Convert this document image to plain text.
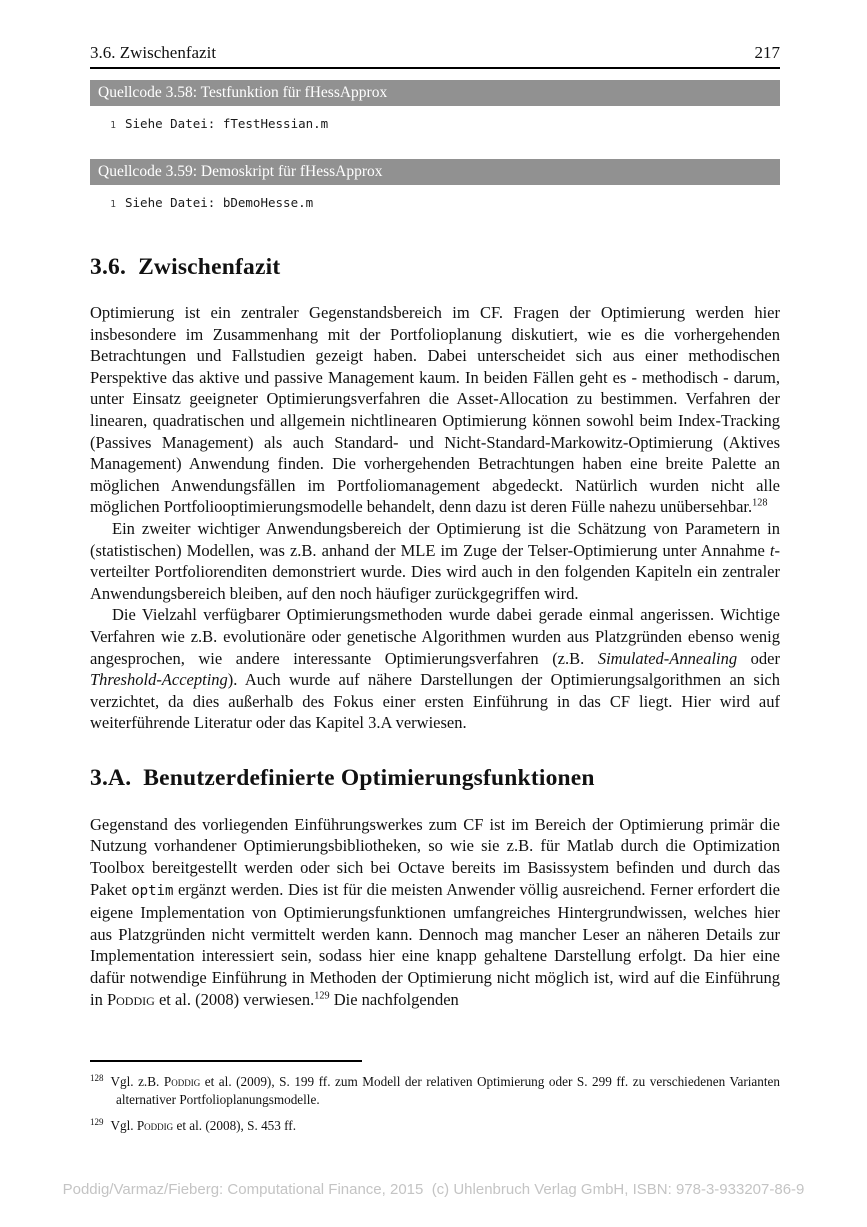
3.6. Zwischenfazit	217
Quellcode 3.58: Testfunktion für fHessApprox
1 Siehe Datei: fTestHessian.m
Quellcode 3.59: Demoskript für fHessApprox
1 Siehe Datei: bDemoHesse.m
3.6. Zwischenfazit

Optimierung ist ein zentraler Gegenstandsbereich im CF. Fragen der Optimierung werden hier insbesondere im Zusammenhang mit der Portfolioplanung diskutiert, wie es die vorhergehenden Betrachtungen und Fallstudien gezeigt haben. Dabei unterscheidet sich aus einer methodischen Perspektive das aktive und passive Management kaum. In beiden Fällen geht es - methodisch - darum, unter Einsatz geeigneter Optimierungsverfahren die Asset-Allocation zu bestimmen. Verfahren der linearen, quadratischen und allgemein nichtlinearen Optimierung können sowohl beim Index-Tracking (Passives Management) als auch Standard- und Nicht-Standard-Markowitz-Optimierung (Aktives Management) Anwendung finden. Die vorhergehenden Betrachtungen haben eine breite Palette an möglichen Anwendungsfällen im Portfoliomanagement abgedeckt. Natürlich wurden nicht alle möglichen Portfoliooptimierungsmodelle behandelt, denn dazu ist deren Fülle nahezu unübersehbar.$^{128}$

Ein zweiter wichtiger Anwendungsbereich der Optimierung ist die Schätzung von Parametern in (statistischen) Modellen, was z.B. anhand der MLE im Zuge der Telser-Optimierung unter Annahme t-verteilter Portfoliorenditen demonstriert wurde. Dies wird auch in den folgenden Kapiteln ein zentraler Anwendungsbereich bleiben, auf den noch häufiger zurückgegriffen wird.

Die Vielzahl verfügbarer Optimierungsmethoden wurde dabei gerade einmal angerissen. Wichtige Verfahren wie z.B. evolutionäre oder genetische Algorithmen wurden aus Platzgründen ebenso wenig angesprochen, wie andere interessante Optimierungsverfahren (z.B. Simulated-Annealing oder Threshold-Accepting). Auch wurde auf nähere Darstellungen der Optimierungsalgorithmen an sich verzichtet, da dies außerhalb des Fokus einer ersten Einführung in das CF liegt. Hier wird auf weiterführende Literatur oder das Kapitel 3.A verwiesen.

3.A. Benutzerdefinierte Optimierungsfunktionen

Gegenstand des vorliegenden Einführungswerkes zum CF ist im Bereich der Optimierung primär die Nutzung vorhandener Optimierungsbibliotheken, so wie sie z.B. für Matlab durch die Optimization Toolbox bereitgestellt werden oder sich bei Octave bereits im Basissystem befinden und durch das Paket optim ergänzt werden. Dies ist für die meisten Anwender völlig ausreichend. Ferner erfordert die eigene Implementation von Optimierungsfunktionen umfangreiches Hintergrundwissen, welches hier aus Platzgründen nicht vermittelt werden kann. Dennoch mag mancher Leser an näheren Details zur Implementation interessiert sein, sodass hier eine knapp gehaltene Darstellung erfolgt. Da hier eine dafür notwendige Einführung in Methoden der Optimierung nicht möglich ist, wird auf die Einführung in Poddig et al. (2008) verwiesen.$^{129}$ Die nachfolgenden

$^{128}$ Vgl. z.B. Poddig et al. (2009), S. 199 ff. zum Modell der relativen Optimierung oder S. 299 ff. zu verschiedenen Varianten alternativer Portfolioplanungsmodelle.

$^{129}$ Vgl. Poddig et al. (2008), S. 453 ff.

Poddig/Varmaz/Fieberg: Computational Finance, 2015  (c) Uhlenbruch Verlag GmbH, ISBN: 978-3-933207-86-9
